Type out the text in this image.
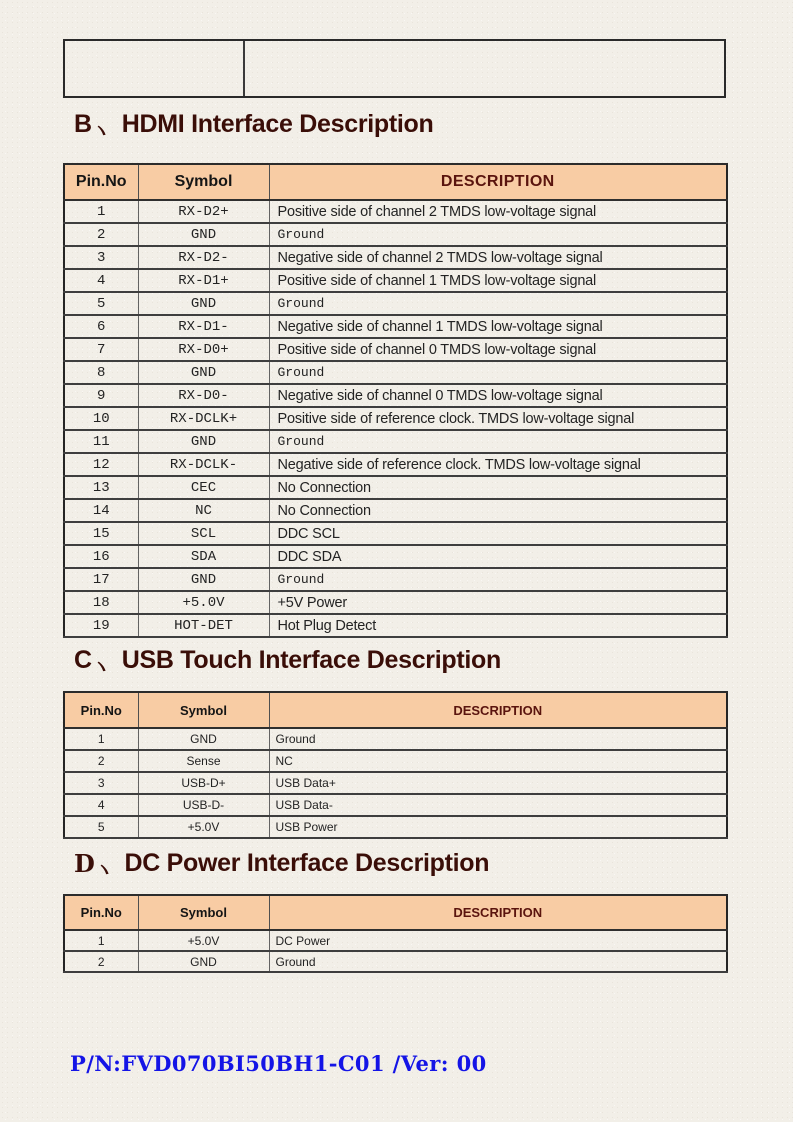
B HDMI Interface Description
Pin.No	Symbol	DESCRIPTION
1	RX-D2+	Positive side of channel 2 TMDS low-voltage signal
2	GND	Ground
3	RX-D2-	Negative side of channel 2 TMDS low-voltage signal
4	RX-D1+	Positive side of channel 1 TMDS low-voltage signal
5	GND	Ground
6	RX-D1-	Negative side of channel 1 TMDS low-voltage signal
7	RX-D0+	Positive side of channel 0 TMDS low-voltage signal
8	GND	Ground
9	RX-D0-	Negative side of channel 0 TMDS low-voltage signal
10	RX-DCLK+	Positive side of reference clock. TMDS low-voltage signal
11	GND	Ground
12	RX-DCLK-	Negative side of reference clock. TMDS low-voltage signal
13	CEC	No Connection
14	NC	No Connection
15	SCL	DDC SCL
16	SDA	DDC SDA
17	GND	Ground
18	+5.0V	+5V Power
19	HOT-DET	Hot Plug Detect
C USB Touch Interface Description
Pin.No	Symbol	DESCRIPTION
1	GND	Ground
2	Sense	NC
3	USB-D+	USB Data+
4	USB-D-	USB Data-
5	+5.0V	USB Power
D DC Power Interface Description
Pin.No	Symbol	DESCRIPTION
1	+5.0V	DC Power
2	GND	Ground
P/N:FVD070BI50BH1-C01 /Ver: 00
